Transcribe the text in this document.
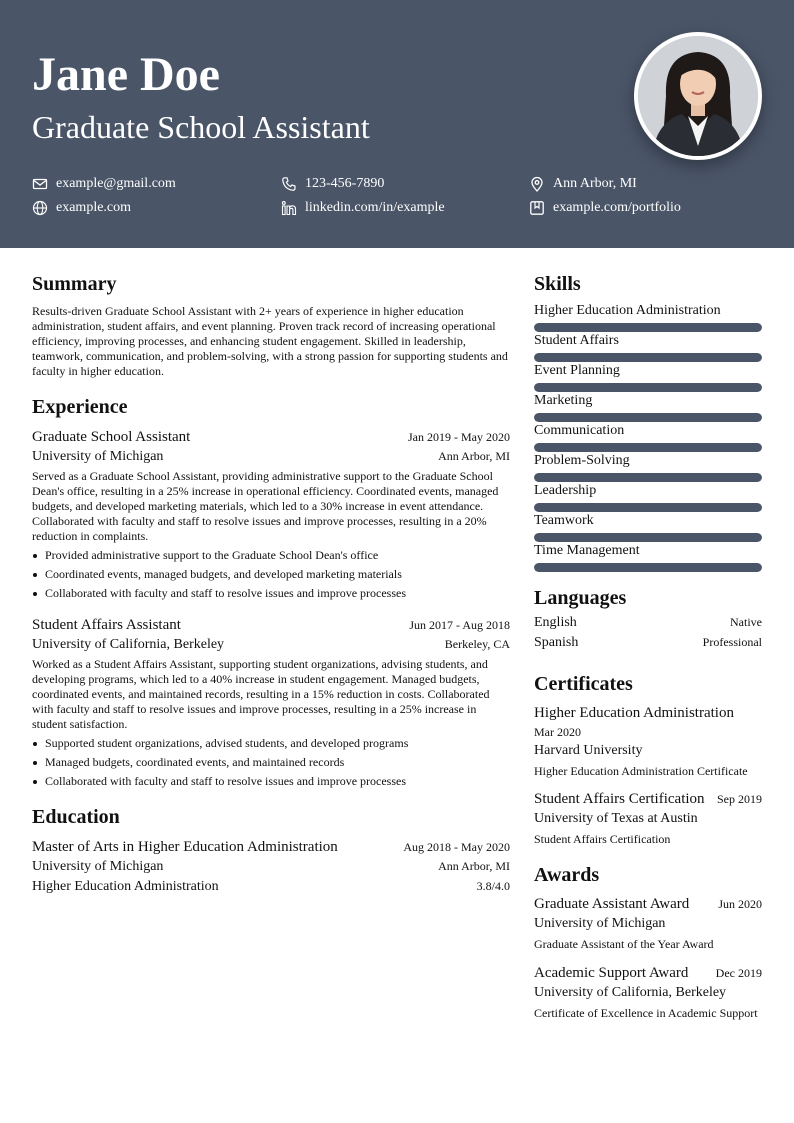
Jane Doe
Graduate School Assistant
example@gmail.com	123-456-7890	Ann Arbor, MI
example.com	linkedin.com/in/example	example.com/portfolio
Summary
Results-driven Graduate School Assistant with 2+ years of experience in higher education administration, student affairs, and event planning. Proven track record of increasing operational efficiency, improving processes, and enhancing student engagement. Skilled in leadership, teamwork, communication, and problem-solving, with a strong passion for supporting students and faculty in higher education.
Experience
Graduate School Assistant	Jan 2019 - May 2020
University of Michigan	Ann Arbor, MI
Served as a Graduate School Assistant, providing administrative support to the Graduate School Dean's office, resulting in a 25% increase in operational efficiency. Coordinated events, managed budgets, and developed marketing materials, which led to a 30% increase in event attendance. Collaborated with faculty and staff to resolve issues and improve processes, resulting in a 20% reduction in complaints.
Provided administrative support to the Graduate School Dean's office
Coordinated events, managed budgets, and developed marketing materials
Collaborated with faculty and staff to resolve issues and improve processes
Student Affairs Assistant	Jun 2017 - Aug 2018
University of California, Berkeley	Berkeley, CA
Worked as a Student Affairs Assistant, supporting student organizations, advising students, and developing programs, which led to a 40% increase in student engagement. Managed budgets, coordinated events, and maintained records, resulting in a 15% reduction in costs. Collaborated with faculty and staff to resolve issues and improve processes, resulting in a 25% increase in student satisfaction.
Supported student organizations, advised students, and developed programs
Managed budgets, coordinated events, and maintained records
Collaborated with faculty and staff to resolve issues and improve processes
Education
Master of Arts in Higher Education Administration	Aug 2018 - May 2020
University of Michigan	Ann Arbor, MI
Higher Education Administration	3.8/4.0
Skills
Higher Education Administration
Student Affairs
Event Planning
Marketing
Communication
Problem-Solving
Leadership
Teamwork
Time Management
Languages
English	Native
Spanish	Professional
Certificates
Higher Education Administration
Mar 2020
Harvard University
Higher Education Administration Certificate
Student Affairs Certification Sep 2019
University of Texas at Austin
Student Affairs Certification
Awards
Graduate Assistant Award Jun 2020
University of Michigan
Graduate Assistant of the Year Award
Academic Support Award Dec 2019
University of California, Berkeley
Certificate of Excellence in Academic Support
